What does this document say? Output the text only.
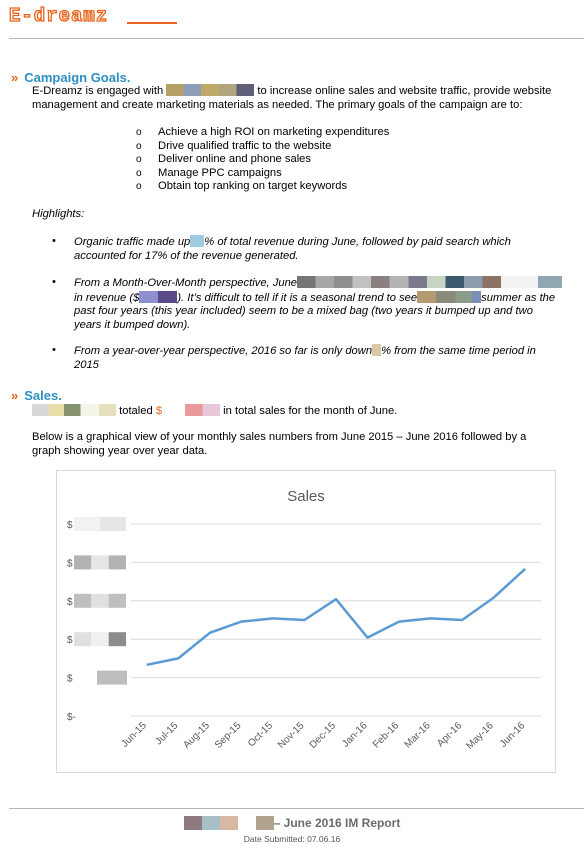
E-dreamz
» Campaign Goals.
E-Dreamz is engaged with	to increase online sales and website traffic, provide website
management and create marketing materials as needed. The primary goals of the campaign are to:
o Achieve a high ROI on marketing expenditures
o Drive qualified traffic to the website
o Deliver online and phone sales
o Manage PPC campaigns
o Obtain top ranking on target keywords
Highlights:
• Organic traffic made up % of total revenue during June, followed by paid search which
accounted for 17% of the revenue generated.
• From a Month-Over-Month perspective, June
in revenue ($	). It’s difficult to tell if it is a seasonal trend to see	summer as the
past four years (this year included) seem to be a mixed bag (two years it bumped up and two
years it bumped down).
• From a year-over-year perspective, 2016 so far is only down % from the same time period in
2015
» Sales.
totaled $	in total sales for the month of June.
Below is a graphical view of your monthly sales numbers from June 2015 – June 2016 followed by a
graph showing year over year data.
Sales
$
$
$
$
$
$-
Jun-15 Jul-15 Aug-15 Sep-15 Oct-15 Nov-15 Dec-15 Jan-16 Feb-16 Mar-16 Apr-16 May-16 Jun-16
– June 2016 IM Report
Date Submitted: 07.06.16
